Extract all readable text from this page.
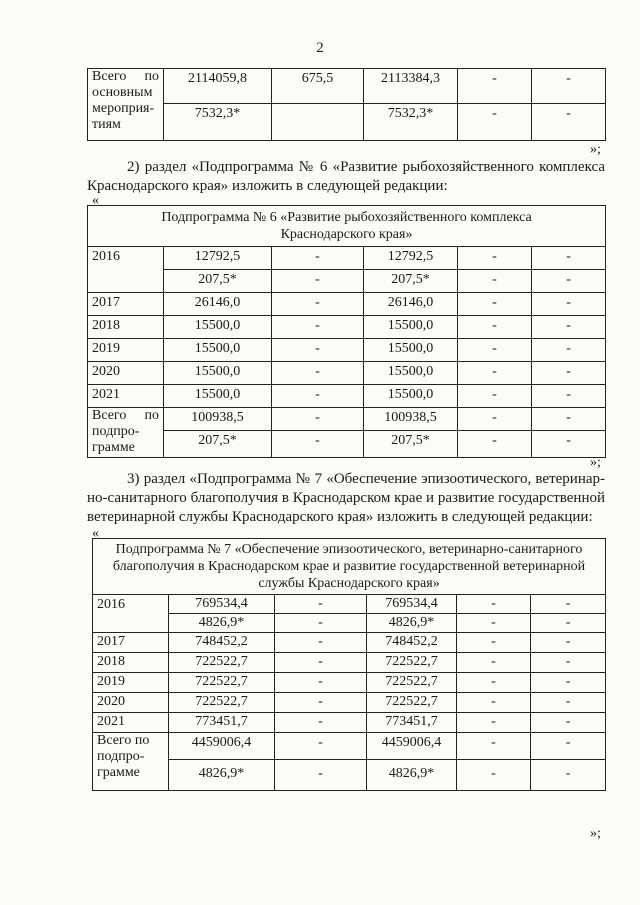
2
Всего по
основным
мероприя-
тиям	2114059,8	675,5	2113384,3	-	-
	7532,3*		7532,3*	-	-
»;
2) раздел «Подпрограмма № 6 «Развитие рыбохозяйственного комплекса Краснодарского края» изложить в следующей редакции:
«
Подпрограмма № 6 «Развитие рыбохозяйственного комплекса Краснодарского края»					
2016	12792,5	-	12792,5	-	-
	207,5*	-	207,5*	-	-
2017	26146,0	-	26146,0	-	-
2018	15500,0	-	15500,0	-	-
2019	15500,0	-	15500,0	-	-
2020	15500,0	-	15500,0	-	-
2021	15500,0	-	15500,0	-	-

Всего по
подпро-
грамме	100938,5	-	100938,5	-	-
	207,5*	-	207,5*	-	-
»;
3) раздел «Подпрограмма № 7 «Обеспечение эпизоотического, ветеринар-но-санитарного благополучия в Краснодарском крае и развитие государственной ветеринарной службы Краснодарского края» изложить в следующей редакции:
«
Подпрограмма № 7 «Обеспечение эпизоотического, ветеринарно-санитарного благополучия в Краснодарском крае и развитие государственной ветеринарной службы Краснодарского края»					
2016	769534,4	-	769534,4	-	-
	4826,9*	-	4826,9*	-	-
2017	748452,2	-	748452,2	-	-
2018	722522,7	-	722522,7	-	-
2019	722522,7	-	722522,7	-	-
2020	722522,7	-	722522,7	-	-
2021	773451,7	-	773451,7	-	-

Всего по
подпро-
грамме	4459006,4	-	4459006,4	-	-
	4826,9*	-	4826,9*	-	-
»;
